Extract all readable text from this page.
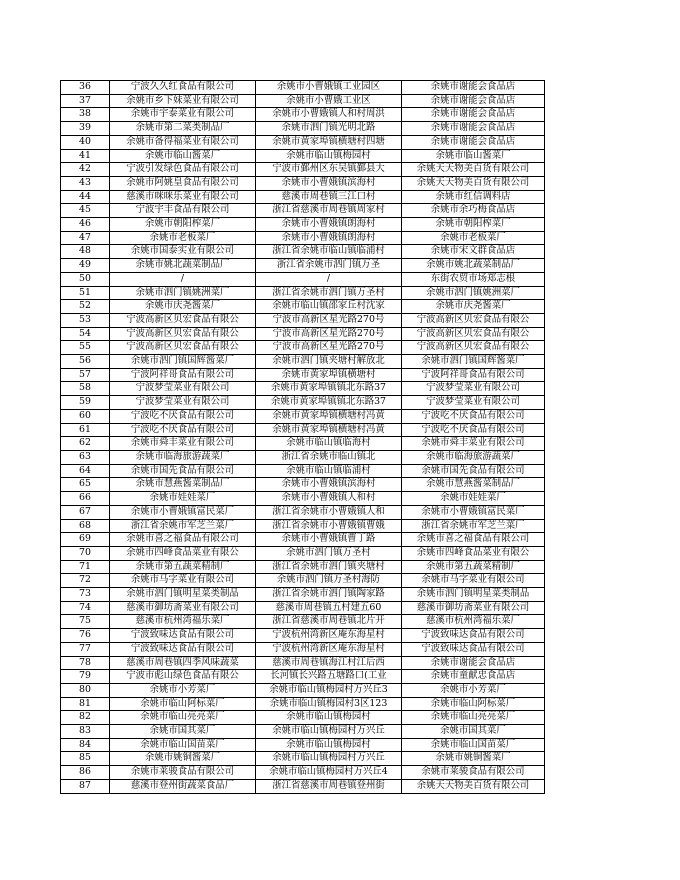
36	宁波久久红食品有限公司	余姚市小曹娥镇工业园区	余姚市谢能会食品店
37	余姚市乡下妹菜业有限公司	余姚市小曹娥工业区	余姚市谢能会食品店
38	余姚市宇泰菜业有限公司	余姚市小曹娥镇人和村周洪	余姚市谢能会食品店
39	余姚市第二菜类制品厂	余姚市泗门镇光明北路	余姚市谢能会食品店
40	余姚市备得福菜业有限公司	余姚市黄家埠镇横塘村四塘	余姚市谢能会食品店
41	余姚市临山酱菜厂	余姚市临山镇梅园村	余姚市临山酱菜厂
42	宁波引发绿色食品有限公司	宁波市鄞州区东吴镇鄞县大	余姚天天物美百货有限公司
43	余姚市阿姚皇食品有限公司	余姚市小曹娥镇滨海村	余姚天天物美百货有限公司
44	慈溪市咪咪乐菜业有限公司	慈溪市周巷镇三江口村	余姚市红信调料店
45	宁波宇丰食品有限公司	浙江省慈溪市周巷镇周家村	余姚市余巧梅食品店
46	余姚市朝阳榨菜厂	余姚市小曹娥镇朗海村	余姚市朝阳榨菜厂
47	余姚市老板菜厂	余姚市小曹娥镇朗海村	余姚市老板菜厂
48	余姚市国泰实业有限公司	浙江省余姚市临山镇临浦村	余姚市宋文群食品店
49	余姚市姚北蔬菜制品厂	浙江省余姚市泗门镇万圣	余姚市姚北蔬菜制品厂
50	/	/	东街农贸市场郑志根
51	余姚市泗门镇姚洲菜厂	浙江省余姚市泗门镇万圣村	余姚市泗门镇姚洲菜厂
52	余姚市庆尧酱菜厂	余姚市临山镇邵家丘村沈家	余姚市庆尧酱菜厂
53	宁波高新区贝宏食品有限公	宁波市高新区星光路270号	宁波高新区贝宏食品有限公
54	宁波高新区贝宏食品有限公	宁波市高新区星光路270号	宁波高新区贝宏食品有限公
55	宁波高新区贝宏食品有限公	宁波市高新区星光路270号	宁波高新区贝宏食品有限公
56	余姚市泗门镇国辉酱菜厂	余姚市泗门镇夹塘村解放北	余姚市泗门镇国辉酱菜厂
57	宁波阿祥哥食品有限公司	余姚市黄家埠镇横塘村	宁波阿祥哥食品有限公司
58	宁波梦莹菜业有限公司	余姚市黄家埠镇镇北东路37	宁波梦莹菜业有限公司
59	宁波梦莹菜业有限公司	余姚市黄家埠镇镇北东路37	宁波梦莹菜业有限公司
60	宁波吃不厌食品有限公司	余姚市黄家埠镇横塘村冯黄	宁波吃不厌食品有限公司
61	宁波吃不厌食品有限公司	余姚市黄家埠镇横塘村冯黄	宁波吃不厌食品有限公司
62	余姚市舜丰菜业有限公司	余姚市临山镇临海村	余姚市舜丰菜业有限公司
63	余姚市临海旅游蔬菜厂	浙江省余姚市临山镇北	余姚市临海旅游蔬菜厂
64	余姚市国先食品有限公司	余姚市临山镇临浦村	余姚市国先食品有限公司
65	余姚市慧燕酱菜制品厂	余姚市小曹娥镇滨海村	余姚市慧燕酱菜制品厂
66	余姚市娃娃菜厂	余姚市小曹娥镇人和村	余姚市娃娃菜厂
67	余姚市小曹娥镇富民菜厂	浙江省余姚市小曹娥镇人和	余姚市小曹娥镇富民菜厂
68	浙江省余姚市军芝兰菜厂	浙江省余姚市小曹娥镇曹娥	浙江省余姚市军芝兰菜厂
69	余姚市喜之福食品有限公司	余姚市小曹娥镇曹丁路	余姚市喜之福食品有限公司
70	余姚市四峰食品菜业有限公	余姚市泗门镇万圣村	余姚市四峰食品菜业有限公
71	余姚市第五蔬菜精制厂	浙江省余姚市泗门镇夹塘村	余姚市第五蔬菜精制厂
72	余姚市马字菜业有限公司	余姚市泗门镇万圣村海防	余姚市马字菜业有限公司
73	余姚市泗门镇明星菜类制品	浙江省余姚市泗门镇陶家路	余姚市泗门镇明星菜类制品
74	慈溪市御坊斋菜业有限公司	慈溪市周巷镇五村建五60	慈溪市御坊斋菜业有限公司
75	慈溪市杭州湾福乐菜厂	浙江省慈溪市周巷镇北片开	慈溪市杭州湾福乐菜厂
76	宁波致味达食品有限公司	宁波杭州湾新区庵东海星村	宁波致味达食品有限公司
77	宁波致味达食品有限公司	宁波杭州湾新区庵东海星村	宁波致味达食品有限公司
78	慈溪市周巷镇四季风味蔬菜	慈溪市周巷镇海江村江后西	余姚市谢能会食品店
79	宁波市彪山绿色食品有限公	长河镇长兴路五塘路口(工业	余姚市童献忠食品店
80	余姚市小芳菜厂	余姚市临山镇梅园村万兴丘3	余姚市小芳菜厂
81	余姚市临山阿标菜厂	余姚市临山镇梅园村3区123	余姚市临山阿标菜厂
82	余姚市临山亮亮菜厂	余姚市临山镇梅园村	余姚市临山亮亮菜厂
83	余姚市国其菜厂	余姚市临山镇梅园村万兴丘	余姚市国其菜厂
84	余姚市临山国苗菜厂	余姚市临山镇梅园村	余姚市临山国苗菜厂
85	余姚市姚铜酱菜厂	余姚市临山镇梅园村万兴丘	余姚市姚铜酱菜厂
86	余姚市莱骏食品有限公司	余姚市临山镇梅园村万兴丘4	余姚市莱骏食品有限公司
87	慈溪市登州街蔬菜食品厂	浙江省慈溪市周巷镇登州街	余姚天天物美百货有限公司
